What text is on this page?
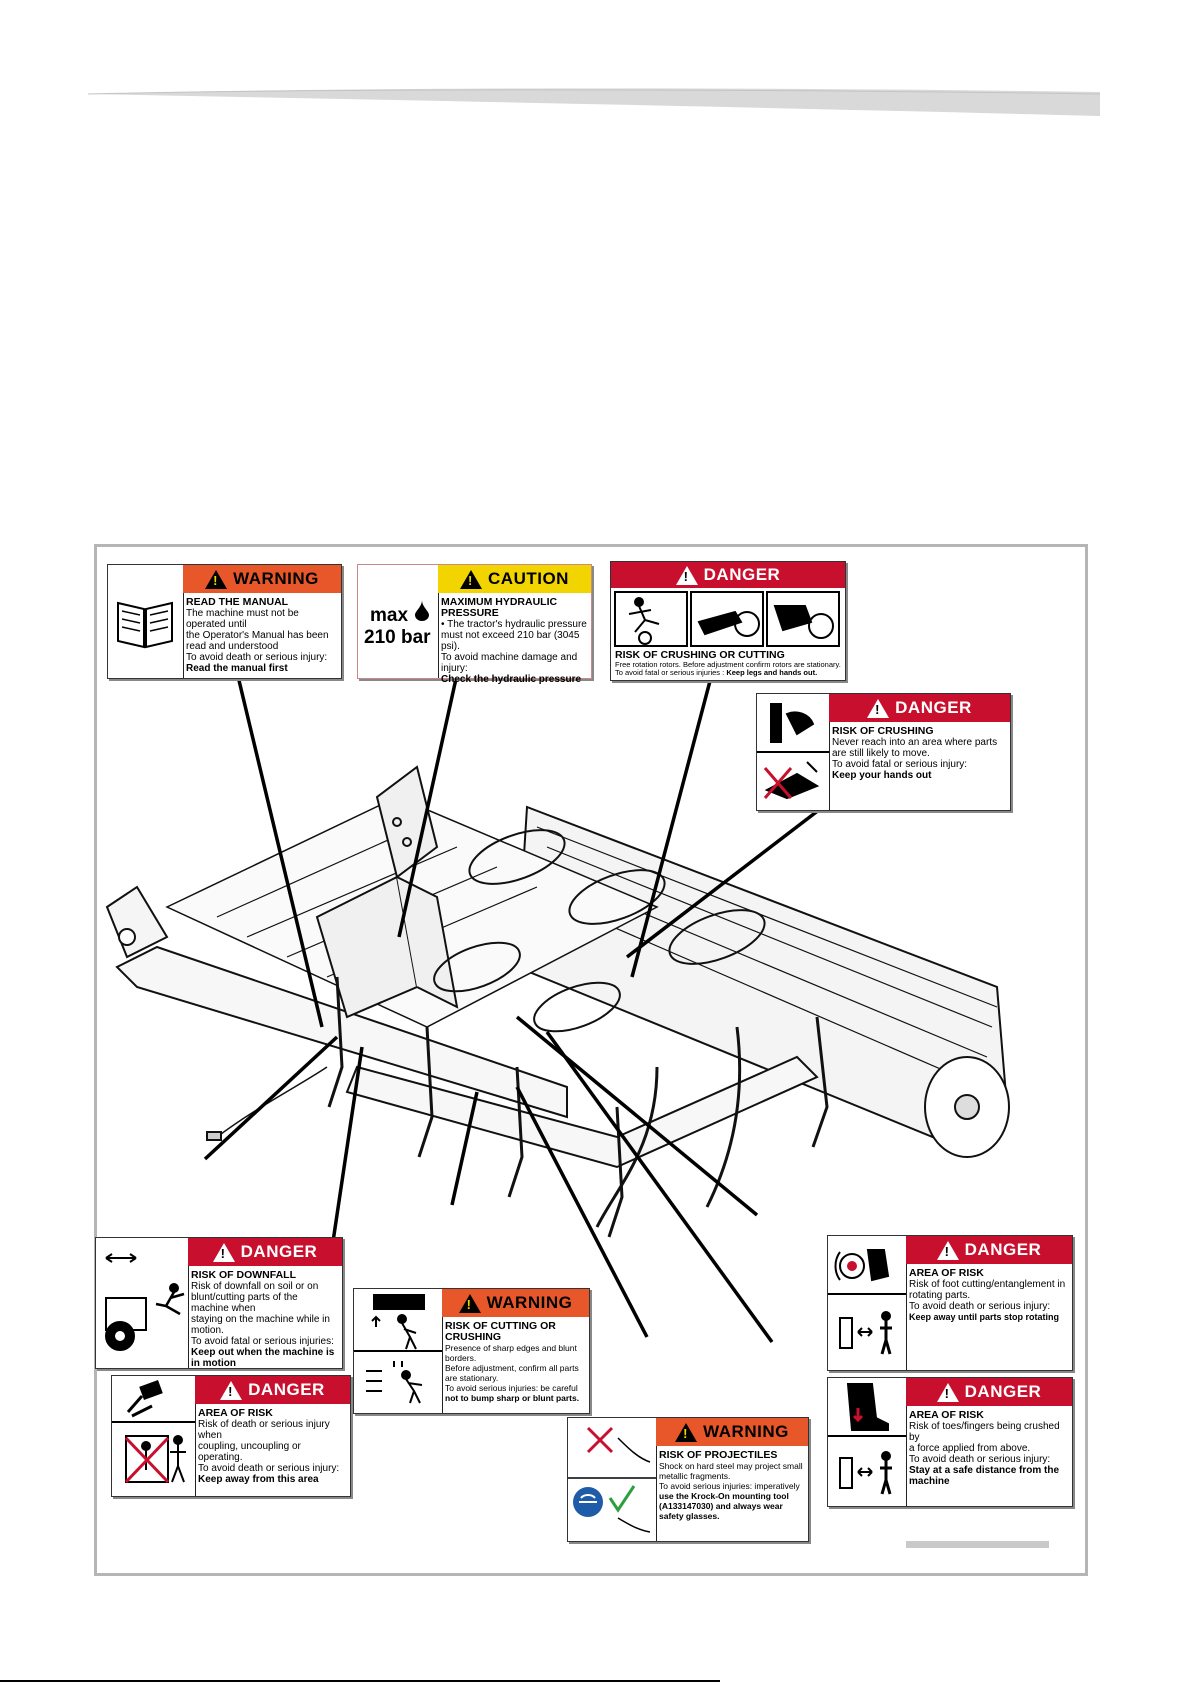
!
WARNING
READ THE MANUAL
The machine must not be operated until
the Operator's Manual has been
read and understood
To avoid death or serious injury:
Read the manual first
max
210 bar
!
CAUTION
MAXIMUM HYDRAULIC PRESSURE
• The tractor's hydraulic pressure
must not exceed 210 bar (3045 psi).
To avoid machine damage and injury:
Check the hydraulic pressure
!
DANGER
RISK OF CRUSHING OR CUTTING
Free rotation rotors. Before adjustment confirm rotors are stationary.
To avoid fatal or serious injuries : Keep legs and hands out.
!
DANGER
RISK OF CRUSHING
Never reach into an area where parts
are still likely to move.
To avoid fatal or serious injury:
Keep your hands out
!
DANGER
RISK OF DOWNFALL
Risk of downfall on soil or on
blunt/cutting parts of the machine when
staying on the machine while in motion.
To avoid fatal or serious injuries:
Keep out when the machine is in motion
!
DANGER
AREA OF RISK
Risk of death or serious injury when
coupling, uncoupling or operating.
To avoid death or serious injury:
Keep away from this area
!
WARNING
RISK OF CUTTING OR CRUSHING
Presence of sharp edges and blunt borders.
Before adjustment, confirm all parts
are stationary.
To avoid serious injuries: be careful
not to bump sharp or blunt parts.
!
WARNING
RISK OF PROJECTILES
Shock on hard steel may project small
metallic fragments.
To avoid serious injuries: imperatively
use the Krock-On mounting tool (A133147030) and always wear safety glasses.
!
DANGER
AREA OF RISK
Risk of foot cutting/entanglement in
rotating parts.
To avoid death or serious injury:
Keep away until parts stop rotating
!
DANGER
AREA OF RISK
Risk of toes/fingers being crushed by
a force applied from above.
To avoid death or serious injury:
Stay at a safe distance from the machine
